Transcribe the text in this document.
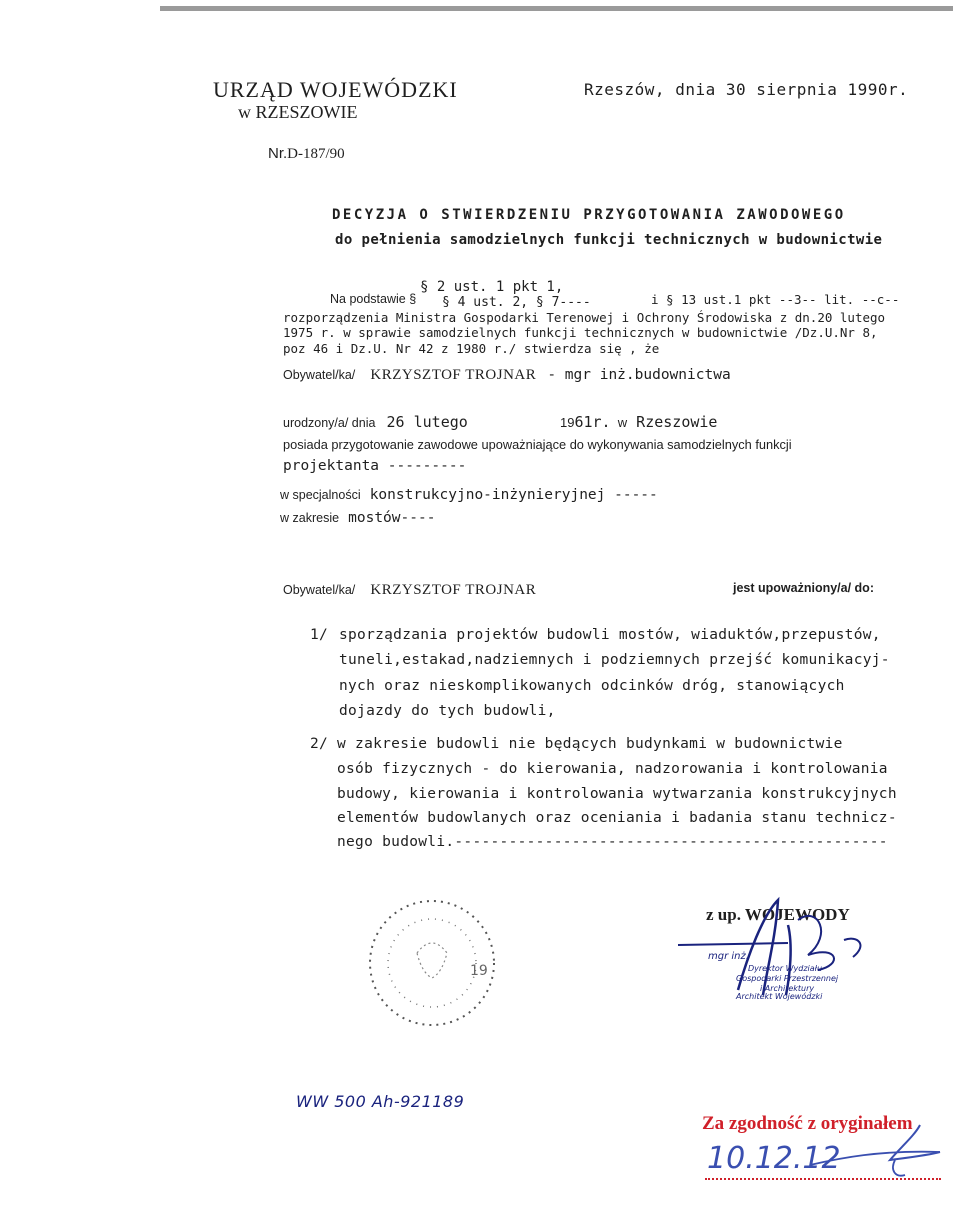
URZĄD WOJEWÓDZKI
w RZESZOWIE
Rzeszów, dnia 30 sierpnia 1990r.
Nr.D-187/90
DECYZJA O STWIERDZENIU PRZYGOTOWANIA ZAWODOWEGO
do pełnienia samodzielnych funkcji technicznych w budownictwie
Na podstawie §
§ 2 ust. 1 pkt 1,
§ 4 ust. 2, § 7----	i § 13 ust.1 pkt --3-- lit. --c--
rozporządzenia Ministra Gospodarki Terenowej i Ochrony Środowiska z dn.20 lutego
1975 r. w sprawie samodzielnych funkcji technicznych w budownictwie /Dz.U.Nr 8,
poz 46 i Dz.U. Nr 42 z 1980 r./ stwierdza się , że
Obywatel/ka/ KRZYSZTOF TROJNAR - mgr inż.budownictwa
urodzony/a/ dnia 26 lutego	1961r. w Rzeszowie
posiada przygotowanie zawodowe upoważniające do wykonywania samodzielnych funkcji
projektanta ---------
w specjalności konstrukcyjno-inżynieryjnej -----
w zakresie mostów----
Obywatel/ka/ KRZYSZTOF TROJNAR	jest upoważniony/a/ do:
1/ sporządzania projektów budowli mostów, wiaduktów,przepustów,
tuneli,estakad,nadziemnych i podziemnych przejść komunikacyj-
nych oraz nieskomplikowanych odcinków dróg, stanowiących
dojazdy do tych budowli,
2/ w zakresie budowli nie będących budynkami w budownictwie
osób fizycznych - do kierowania, nadzorowania i kontrolowania
budowy, kierowania i kontrolowania wytwarzania konstrukcyjnych
elementów budowlanych oraz oceniania i badania stanu technicz-
nego budowli.------------------------------------------------
19
z up. WOJEWODY
mgr inż.
Dyrektor Wydziału
Gospodarki Przestrzennej
i Architektury
Architekt Wojewódzki
WW 500 Ah-921189
Za zgodność z oryginałem
10.12.12
